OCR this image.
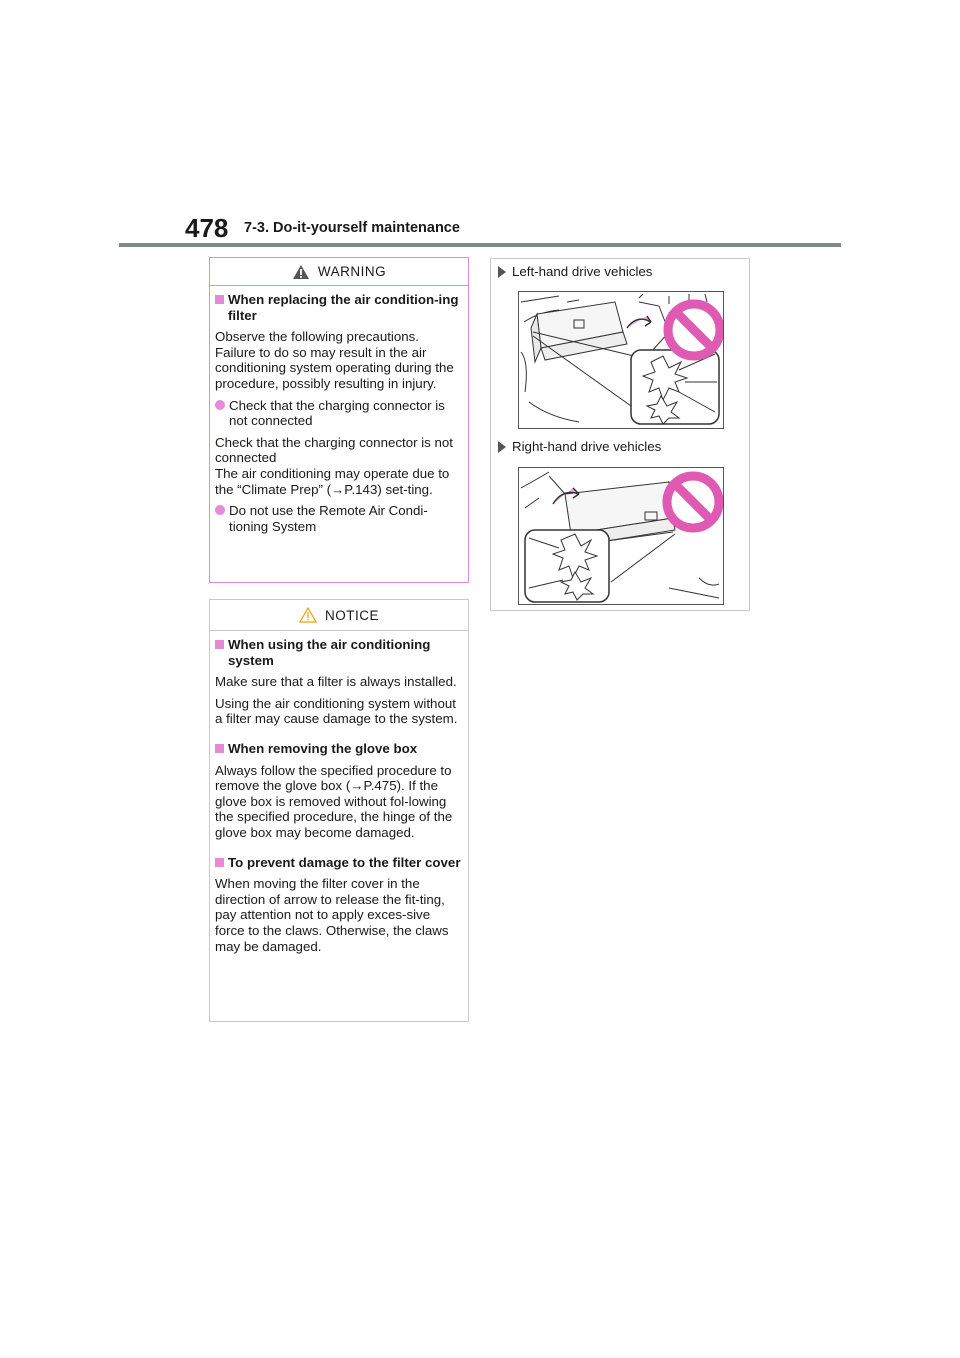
478 7-3. Do-it-yourself maintenance
WARNING
When replacing the air condition-ing filter
Observe the following precautions. Failure to do so may result in the air conditioning system operating during the procedure, possibly resulting in injury.
Check that the charging connector is not connected
Check that the charging connector is not connected
The air conditioning may operate due to the “Climate Prep” (→P.143) set-ting.
Do not use the Remote Air Condi-tioning System
NOTICE
When using the air conditioning system
Make sure that a filter is always installed.
Using the air conditioning system without a filter may cause damage to the system.
When removing the glove box
Always follow the specified procedure to remove the glove box (→P.475). If the glove box is removed without fol-lowing the specified procedure, the hinge of the glove box may become damaged.
To prevent damage to the filter cover
When moving the filter cover in the direction of arrow to release the fit-ting, pay attention not to apply exces-sive force to the claws. Otherwise, the claws may be damaged.
Left-hand drive vehicles
Right-hand drive vehicles
